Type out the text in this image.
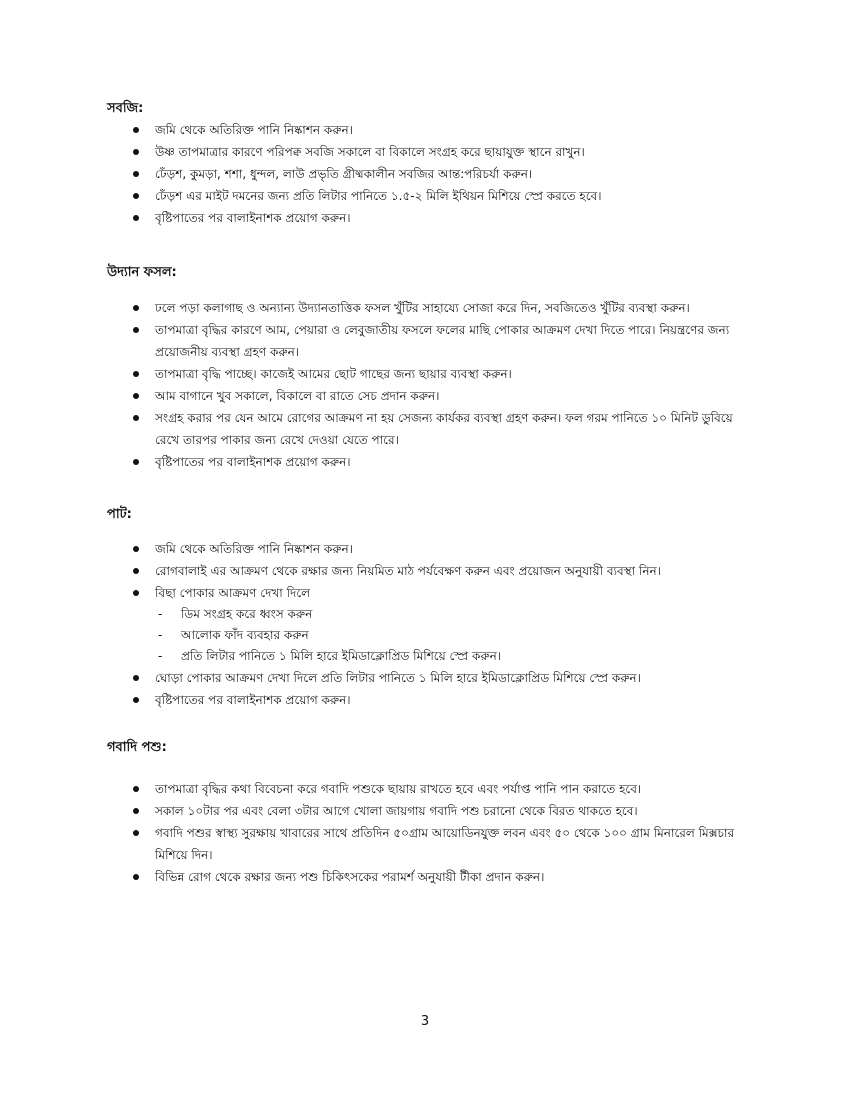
সবজি:
জমি থেকে অতিরিক্ত পানি নিষ্কাশন করুন।
উষ্ণ তাপমাত্রার কারণে পরিপক্ব সবজি সকালে বা বিকালে সংগ্রহ করে ছায়াযুক্ত স্থানে রাখুন।
ঢেঁড়শ, কুমড়া, শশা, ধুন্দল, লাউ প্রভৃতি গ্রীষ্মকালীন সবজির আন্ত:পরিচর্যা করুন।
ঢেঁড়শ এর মাইট দমনের জন্য প্রতি লিটার পানিতে ১.৫-২ মিলি ইথিয়ন মিশিয়ে স্প্রে করতে হবে।
বৃষ্টিপাতের পর বালাইনাশক প্রয়োগ করুন।
উদ্যান ফসল:
ঢলে পড়া কলাগাছ ও অন্যান্য উদ্যানতাত্তিক ফসল খুঁটির সাহায্যে সোজা করে দিন, সবজিতেও খুঁটির ব্যবস্থা করুন।
তাপমাত্রা বৃদ্ধির কারণে আম, পেয়ারা ও লেবুজাতীয় ফসলে ফলের মাছি পোকার আক্রমণ দেখা দিতে পারে। নিয়ন্ত্রণের জন্য প্রয়োজনীয় ব্যবস্থা গ্রহণ করুন।
তাপমাত্রা বৃদ্ধি পাচ্ছে। কাজেই আমের ছোট গাছের জন্য ছায়ার ব্যবস্থা করুন।
আম বাগানে খুব সকালে, বিকালে বা রাতে সেচ প্রদান করুন।
সংগ্রহ করার পর যেন আমে রোগের আক্রমণ না হয় সেজন্য কার্যকর ব্যবস্থা গ্রহণ করুন। ফল গরম পানিতে ১০ মিনিট ডুবিয়ে রেখে তারপর পাকার জন্য রেখে দেওয়া যেতে পারে।
বৃষ্টিপাতের পর বালাইনাশক প্রয়োগ করুন।
পাট:
জমি থেকে অতিরিক্ত পানি নিষ্কাশন করুন।
রোগবালাই এর আক্রমণ থেকে রক্ষার জন্য নিয়মিত মাঠ পর্যবেক্ষণ করুন এবং প্রয়োজন অনুযায়ী ব্যবস্থা নিন।
বিছা পোকার আক্রমণ দেখা দিলে
- ডিম সংগ্রহ করে ধ্বংস করুন
- আলোক ফাঁদ ব্যবহার করুন
- প্রতি লিটার পানিতে ১ মিলি হারে ইমিডাক্লোপ্রিড মিশিয়ে স্প্রে করুন।
ঘোড়া পোকার আক্রমণ দেখা দিলে প্রতি লিটার পানিতে ১ মিলি হারে ইমিডাক্লোপ্রিড মিশিয়ে স্প্রে করুন।
বৃষ্টিপাতের পর বালাইনাশক প্রয়োগ করুন।
গবাদি পশু:
তাপমাত্রা বৃদ্ধির কথা বিবেচনা করে গবাদি পশুকে ছায়ায় রাখতে হবে এবং পর্যাপ্ত পানি পান করাতে হবে।
সকাল ১০টার পর এবং বেলা ৩টার আগে খোলা জায়গায় গবাদি পশু চরানো থেকে বিরত থাকতে হবে।
গবাদি পশুর স্বাস্থ্য সুরক্ষায় খাবারের সাথে প্রতিদিন ৫০গ্রাম আয়োডিনযুক্ত লবন এবং ৫০ থেকে ১০০ গ্রাম মিনারেল মিক্সচার মিশিয়ে দিন।
বিভিন্ন রোগ থেকে রক্ষার জন্য পশু চিকিৎসকের পরামর্শ অনুযায়ী টীকা প্রদান করুন।
3
